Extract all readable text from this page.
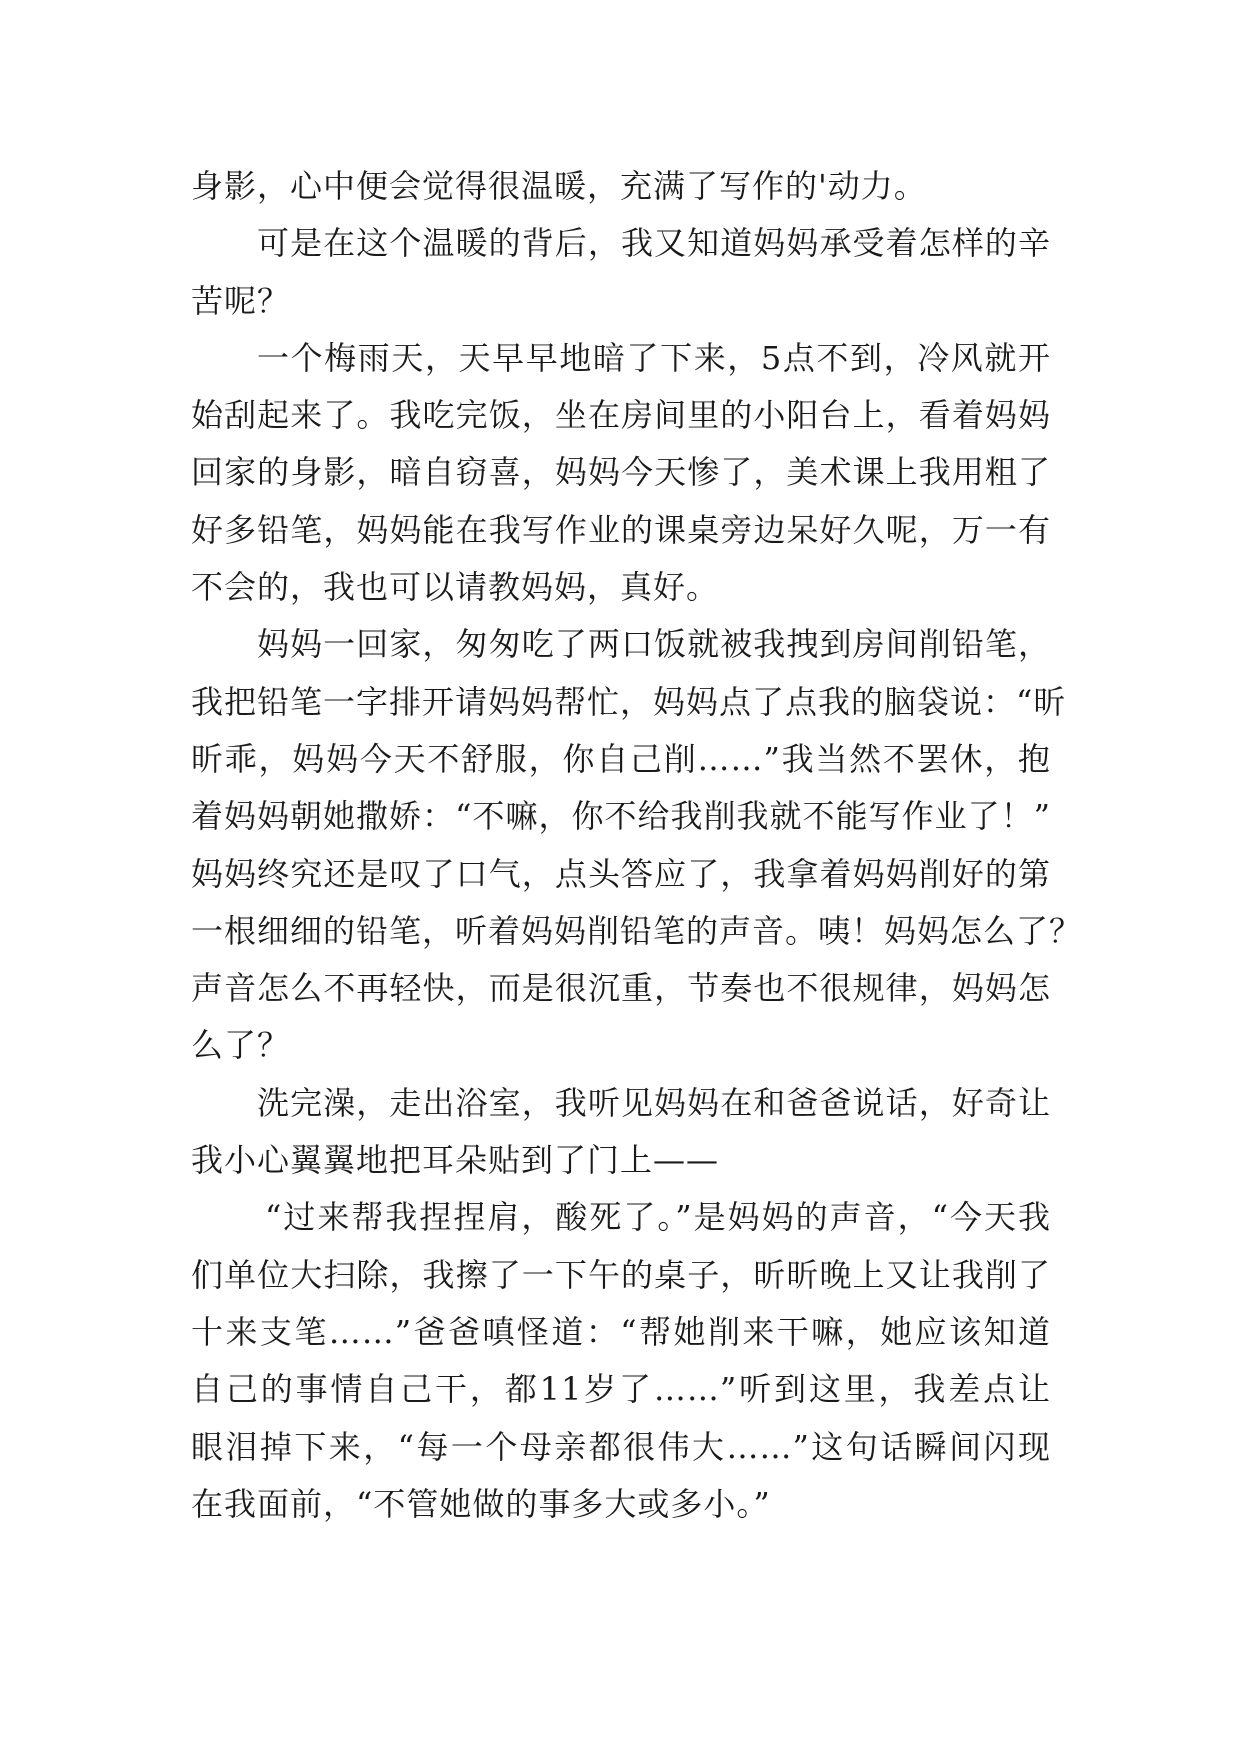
身影，心中便会觉得很温暖，充满了写作的'动力。
可是在这个温暖的背后，我又知道妈妈承受着怎样的辛
苦呢？
一个梅雨天，天早早地暗了下来，5点不到，冷风就开
始刮起来了。我吃完饭，坐在房间里的小阳台上，看着妈妈
回家的身影，暗自窃喜，妈妈今天惨了，美术课上我用粗了
好多铅笔，妈妈能在我写作业的课桌旁边呆好久呢，万一有
不会的，我也可以请教妈妈，真好。
妈妈一回家，匆匆吃了两口饭就被我拽到房间削铅笔，
我把铅笔一字排开请妈妈帮忙，妈妈点了点我的脑袋说：“昕
昕乖，妈妈今天不舒服，你自己削……”我当然不罢休，抱
着妈妈朝她撒娇：“不嘛，你不给我削我就不能写作业了！”
妈妈终究还是叹了口气，点头答应了，我拿着妈妈削好的第
一根细细的铅笔，听着妈妈削铅笔的声音。咦！妈妈怎么了？
声音怎么不再轻快，而是很沉重，节奏也不很规律，妈妈怎
么了？
洗完澡，走出浴室，我听见妈妈在和爸爸说话，好奇让
我小心翼翼地把耳朵贴到了门上——
“过来帮我捏捏肩，酸死了。”是妈妈的声音，“今天我
们单位大扫除，我擦了一下午的桌子，昕昕晚上又让我削了
十来支笔……”爸爸嗔怪道：“帮她削来干嘛，她应该知道
自己的事情自己干，都11岁了……”听到这里，我差点让
眼泪掉下来，“每一个母亲都很伟大……”这句话瞬间闪现
在我面前，“不管她做的事多大或多小。”
